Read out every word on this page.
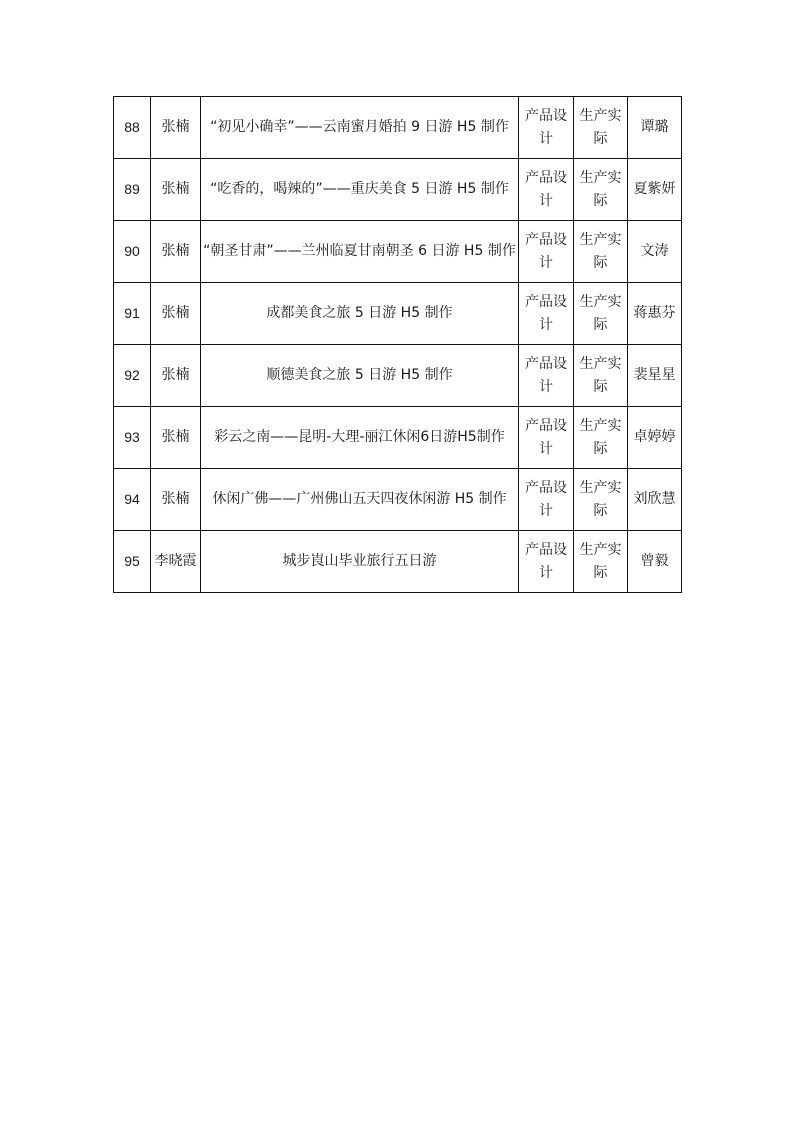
88	张楠	“初见小确幸”——云南蜜月婚拍 9 日游 H5 制作	产品设计	生产实际	谭璐
89	张楠	“吃香的，喝辣的”——重庆美食 5 日游 H5 制作	产品设计	生产实际	夏紫妍
90	张楠	“朝圣甘肃”——兰州临夏甘南朝圣 6 日游 H5 制作	产品设计	生产实际	文涛
91	张楠	成都美食之旅 5 日游 H5 制作	产品设计	生产实际	蒋惠芬
92	张楠	顺德美食之旅 5 日游 H5 制作	产品设计	生产实际	裴星星
93	张楠	彩云之南——昆明-大理-丽江休闲6日游H5制作	产品设计	生产实际	卓婷婷
94	张楠	休闲广佛——广州佛山五天四夜休闲游 H5 制作	产品设计	生产实际	刘欣慧
95	李晓霞	城步崀山毕业旅行五日游	产品设计	生产实际	曾毅
